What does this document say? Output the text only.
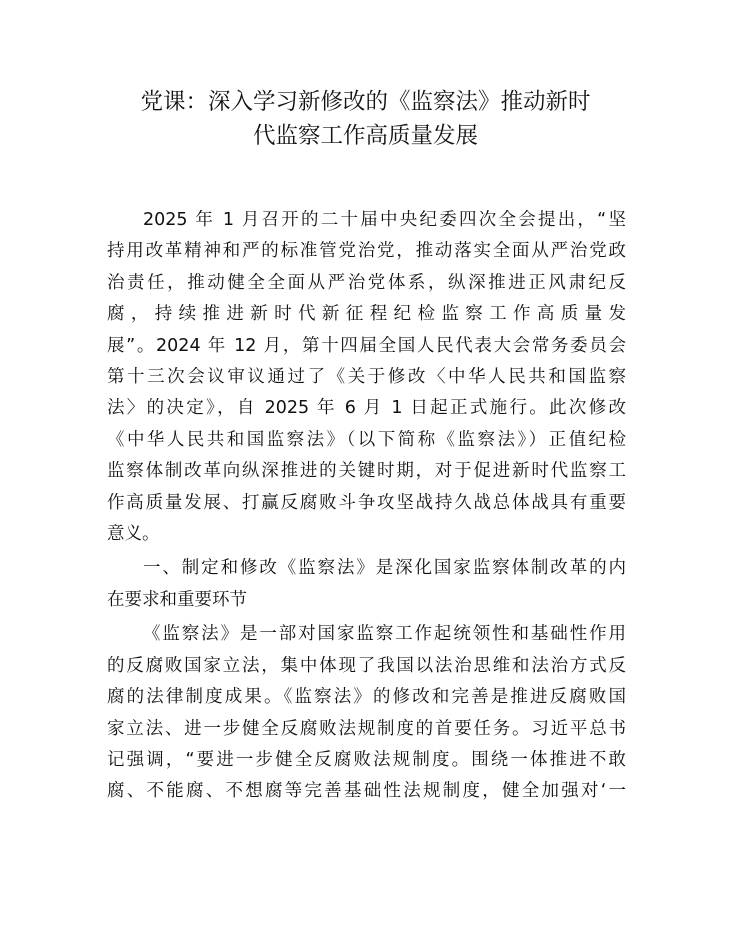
党课：深入学习新修改的《监察法》推动新时
代监察工作高质量发展

2025 年 1 月召开的二十届中央纪委四次全会提出，“坚
持用改革精神和严的标准管党治党，推动落实全面从严治党政
治责任，推动健全全面从严治党体系，纵深推进正风肃纪反
腐，持续推进新时代新征程纪检监察工作高质量发
展”。2024 年 12 月，第十四届全国人民代表大会常务委员会
第十三次会议审议通过了《关于修改〈中华人民共和国监察
法〉的决定》，自 2025 年 6 月 1 日起正式施行。此次修改
《中华人民共和国监察法》（以下简称《监察法》）正值纪检
监察体制改革向纵深推进的关键时期，对于促进新时代监察工
作高质量发展、打赢反腐败斗争攻坚战持久战总体战具有重要
意义。

一、制定和修改《监察法》是深化国家监察体制改革的内
在要求和重要环节

《监察法》是一部对国家监察工作起统领性和基础性作用
的反腐败国家立法，集中体现了我国以法治思维和法治方式反
腐的法律制度成果。《监察法》的修改和完善是推进反腐败国
家立法、进一步健全反腐败法规制度的首要任务。习近平总书
记强调，“要进一步健全反腐败法规制度。围绕一体推进不敢
腐、不能腐、不想腐等完善基础性法规制度，健全加强对‘一
